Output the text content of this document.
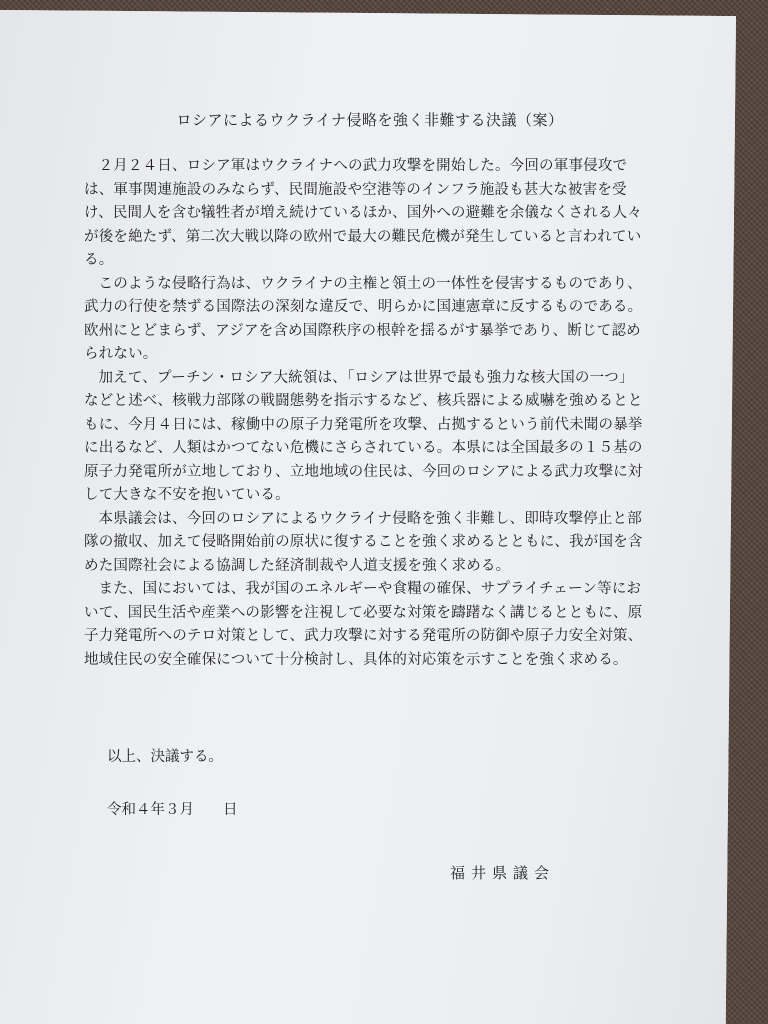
ロシアによるウクライナ侵略を強く非難する決議（案）

２月２４日、ロシア軍はウクライナへの武力攻撃を開始した。今回の軍事侵攻では、軍事関連施設のみならず、民間施設や空港等のインフラ施設も甚大な被害を受け、民間人を含む犠牲者が増え続けているほか、国外への避難を余儀なくされる人々が後を絶たず、第二次大戦以降の欧州で最大の難民危機が発生していると言われている。

このような侵略行為は、ウクライナの主権と領土の一体性を侵害するものであり、武力の行使を禁ずる国際法の深刻な違反で、明らかに国連憲章に反するものである。欧州にとどまらず、アジアを含め国際秩序の根幹を揺るがす暴挙であり、断じて認められない。

加えて、プーチン・ロシア大統領は、「ロシアは世界で最も強力な核大国の一つ」などと述べ、核戦力部隊の戦闘態勢を指示するなど、核兵器による威嚇を強めるとともに、今月４日には、稼働中の原子力発電所を攻撃、占拠するという前代未聞の暴挙に出るなど、人類はかつてない危機にさらされている。本県には全国最多の１５基の原子力発電所が立地しており、立地地域の住民は、今回のロシアによる武力攻撃に対して大きな不安を抱いている。

本県議会は、今回のロシアによるウクライナ侵略を強く非難し、即時攻撃停止と部隊の撤収、加えて侵略開始前の原状に復することを強く求めるとともに、我が国を含めた国際社会による協調した経済制裁や人道支援を強く求める。

また、国においては、我が国のエネルギーや食糧の確保、サプライチェーン等において、国民生活や産業への影響を注視して必要な対策を躊躇なく講じるとともに、原子力発電所へのテロ対策として、武力攻撃に対する発電所の防御や原子力安全対策、地域住民の安全確保について十分検討し、具体的対応策を示すことを強く求める。

以上、決議する。
令和４年３月　　日
福井県議会
